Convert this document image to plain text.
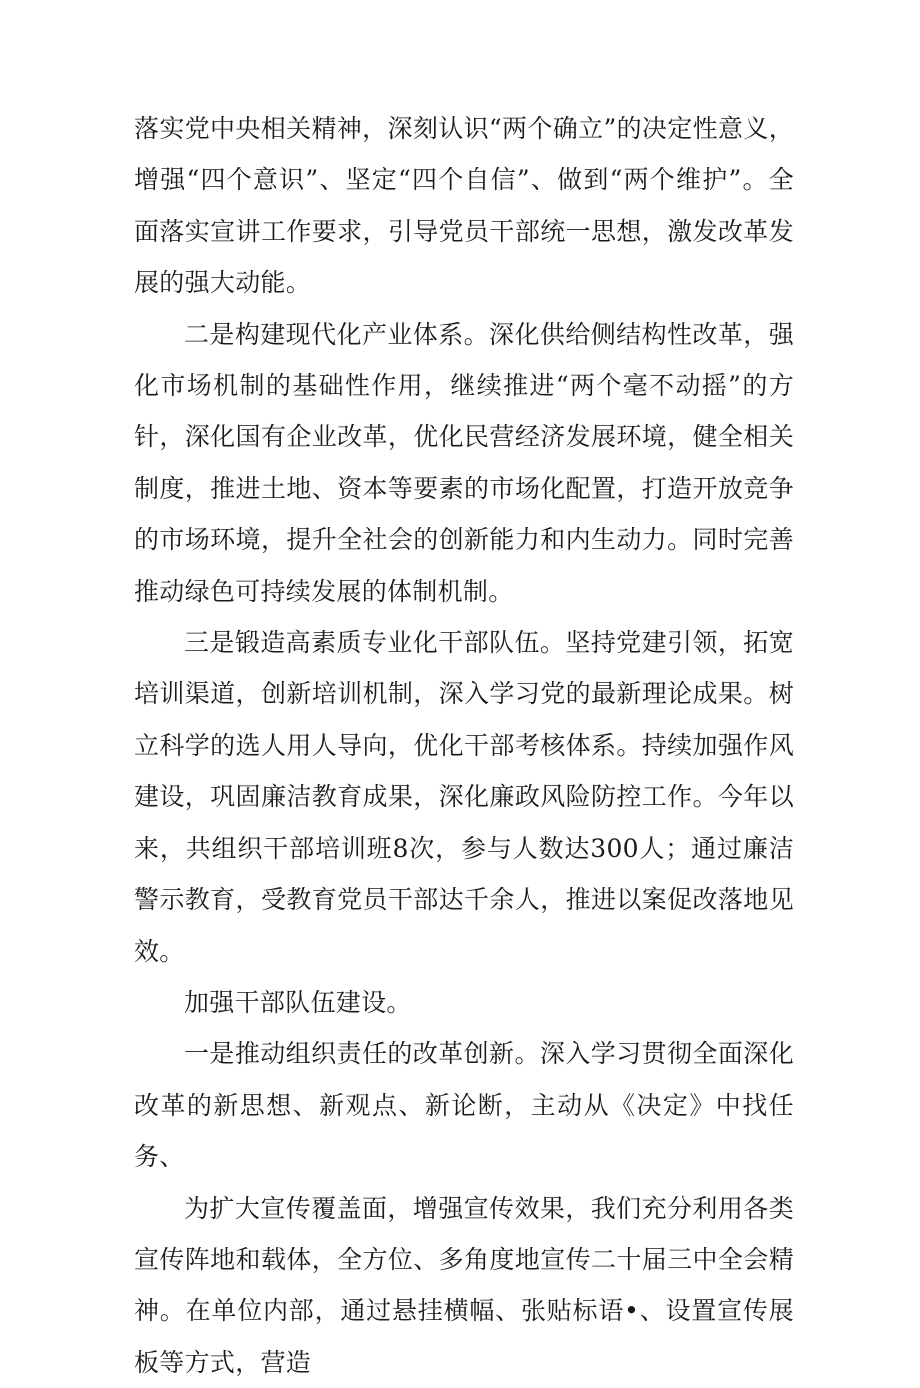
落实党中央相关精神，深刻认识“两个确立”的决定性意义，增强“四个意识”、坚定“四个自信”、做到“两个维护”。全面落实宣讲工作要求，引导党员干部统一思想，激发改革发展的强大动能。

二是构建现代化产业体系。深化供给侧结构性改革，强化市场机制的基础性作用，继续推进“两个毫不动摇”的方针，深化国有企业改革，优化民营经济发展环境，健全相关制度，推进土地、资本等要素的市场化配置，打造开放竞争的市场环境，提升全社会的创新能力和内生动力。同时完善推动绿色可持续发展的体制机制。

三是锻造高素质专业化干部队伍。坚持党建引领，拓宽培训渠道，创新培训机制，深入学习党的最新理论成果。树立科学的选人用人导向，优化干部考核体系。持续加强作风建设，巩固廉洁教育成果，深化廉政风险防控工作。今年以来，共组织干部培训班8次，参与人数达300人；通过廉洁警示教育，受教育党员干部达千余人，推进以案促改落地见效。

加强干部队伍建设。

一是推动组织责任的改革创新。深入学习贯彻全面深化改革的新思想、新观点、新论断，主动从《决定》中找任务、

为扩大宣传覆盖面，增强宣传效果，我们充分利用各类宣传阵地和载体，全方位、多角度地宣传二十届三中全会精神。在单位内部，通过悬挂横幅、张贴标语•、设置宣传展板等方式，营造
